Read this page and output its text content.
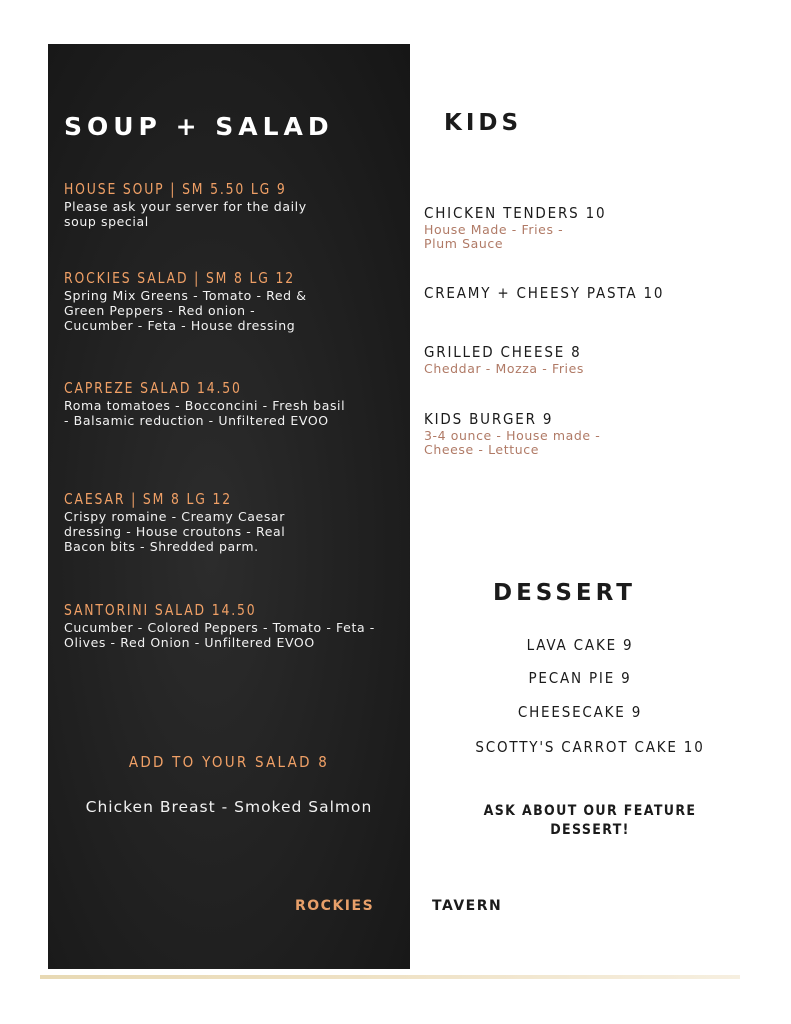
SOUP + SALAD

HOUSE SOUP | SM 5.50 LG 9

Please ask your server for the daily soup special

ROCKIES SALAD | SM 8 LG 12

Spring Mix Greens - Tomato - Red & Green Peppers - Red onion - Cucumber - Feta - House dressing

CAPREZE SALAD 14.50

Roma tomatoes - Bocconcini - Fresh basil - Balsamic reduction - Unfiltered EVOO

CAESAR | SM 8 LG 12

Crispy romaine - Creamy Caesar dressing - House croutons - Real Bacon bits - Shredded parm.

SANTORINI SALAD 14.50

Cucumber - Colored Peppers - Tomato - Feta - Olives - Red Onion - Unfiltered EVOO

ADD TO YOUR SALAD 8
Chicken Breast - Smoked Salmon
KIDS

CHICKEN TENDERS 10

House Made - Fries - Plum Sauce

CREAMY + CHEESY PASTA 10

GRILLED CHEESE 8

Cheddar - Mozza - Fries

KIDS BURGER 9

3-4 ounce - House made - Cheese - Lettuce

DESSERT
LAVA CAKE 9
PECAN PIE 9
CHEESECAKE 9
SCOTTY'S CARROT CAKE 10
ASK ABOUT OUR FEATURE DESSERT!
ROCKIES	TAVERN
